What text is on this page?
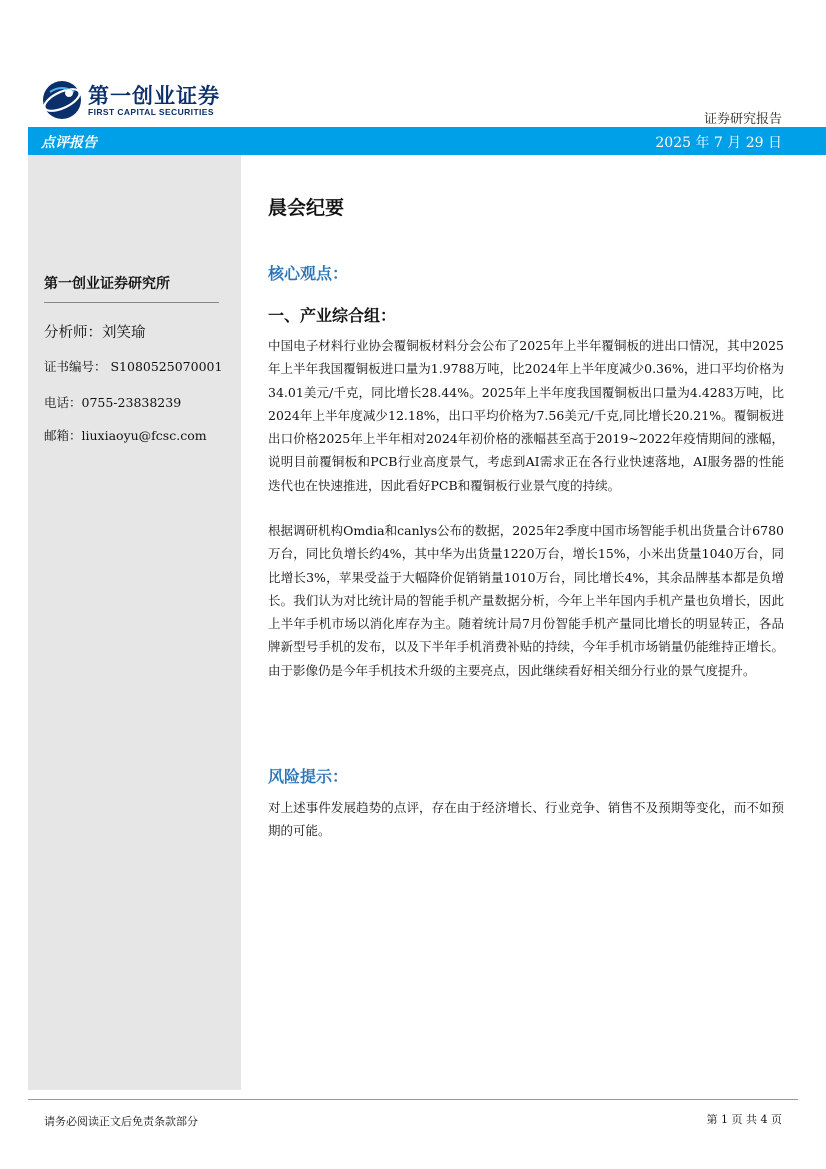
第一创业证券
FIRST CAPITAL SECURITIES	证券研究报告
点评报告	2025 年 7 月 29 日
第一创业证券研究所
分析师：刘笑瑜
证书编号： S1080525070001
电话：0755-23838239
邮箱：liuxiaoyu@fcsc.com
晨会纪要
核心观点：
一、产业综合组：
中国电子材料行业协会覆铜板材料分会公布了2025年上半年覆铜板的进出口情况，其中2025年上半年我国覆铜板进口量为1.9788万吨，比2024年上半年度减少0.36%，进口平均价格为34.01美元/千克，同比增长28.44%。2025年上半年度我国覆铜板出口量为4.4283万吨，比2024年上半年度减少12.18%，出口平均价格为7.56美元/千克,同比增长20.21%。覆铜板进出口价格2025年上半年相对2024年初价格的涨幅甚至高于2019~2022年疫情期间的涨幅，说明目前覆铜板和PCB行业高度景气，考虑到AI需求正在各行业快速落地，AI服务器的性能迭代也在快速推进，因此看好PCB和覆铜板行业景气度的持续。
根据调研机构Omdia和canlys公布的数据，2025年2季度中国市场智能手机出货量合计6780万台，同比负增长约4%，其中华为出货量1220万台，增长15%，小米出货量1040万台，同比增长3%，苹果受益于大幅降价促销销量1010万台，同比增长4%，其余品牌基本都是负增长。我们认为对比统计局的智能手机产量数据分析，今年上半年国内手机产量也负增长，因此上半年手机市场以消化库存为主。随着统计局7月份智能手机产量同比增长的明显转正，各品牌新型号手机的发布，以及下半年手机消费补贴的持续，今年手机市场销量仍能维持正增长。由于影像仍是今年手机技术升级的主要亮点，因此继续看好相关细分行业的景气度提升。
风险提示：
对上述事件发展趋势的点评，存在由于经济增长、行业竞争、销售不及预期等变化，而不如预期的可能。
请务必阅读正文后免责条款部分	第 1 页 共 4 页
